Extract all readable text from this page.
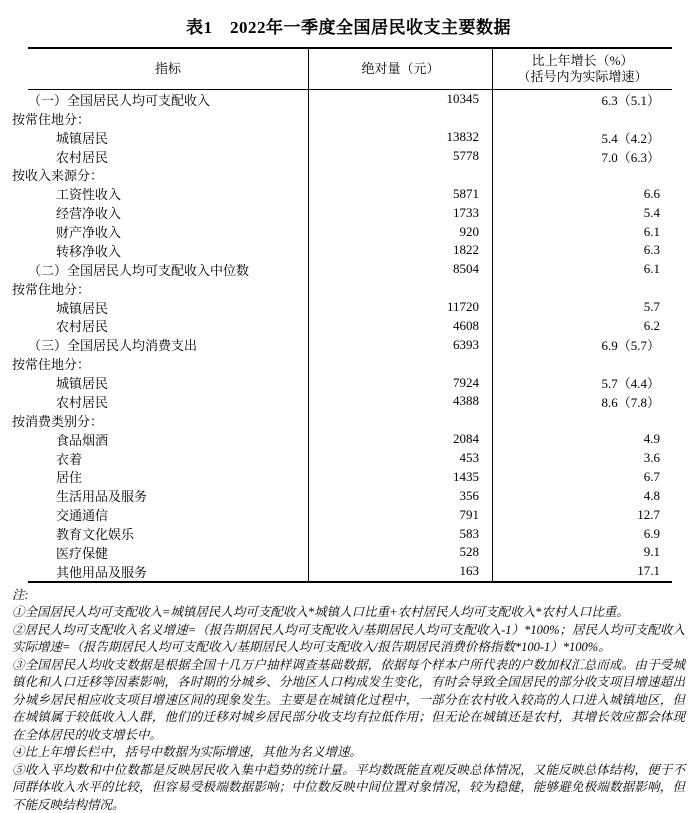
表1　2022年一季度全国居民收支主要数据
指标	绝对量（元）
比上年增长（%）
（括号内为实际增速）
（一）全国居民人均可支配收入	10345	6.3（5.1）
按常住地分：
城镇居民	13832	5.4（4.2）
农村居民	5778	7.0（6.3）
按收入来源分：
工资性收入	5871	6.6
经营净收入	1733	5.4
财产净收入	920	6.1
转移净收入	1822	6.3
（二）全国居民人均可支配收入中位数	8504	6.1
按常住地分：
城镇居民	11720	5.7
农村居民	4608	6.2
（三）全国居民人均消费支出	6393	6.9（5.7）
按常住地分：
城镇居民	7924	5.7（4.4）
农村居民	4388	8.6（7.8）
按消费类别分：
食品烟酒	2084	4.9
衣着	453	3.6
居住	1435	6.7
生活用品及服务	356	4.8
交通通信	791	12.7
教育文化娱乐	583	6.9
医疗保健	528	9.1
其他用品及服务	163	17.1
注:
①全国居民人均可支配收入=城镇居民人均可支配收入*城镇人口比重+农村居民人均可支配收入*农村人口比重。
②居民人均可支配收入名义增速=（报告期居民人均可支配收入/基期居民人均可支配收入-1）*100%；居民人均可支配收入实际增速=（报告期居民人均可支配收入/基期居民人均可支配收入/报告期居民消费价格指数*100-1）*100%。
③全国居民人均收支数据是根据全国十几万户抽样调查基础数据，依据每个样本户所代表的户数加权汇总而成。由于受城镇化和人口迁移等因素影响，各时期的分城乡、分地区人口构成发生变化，有时会导致全国居民的部分收支项目增速超出分城乡居民相应收支项目增速区间的现象发生。主要是在城镇化过程中，一部分在农村收入较高的人口进入城镇地区，但在城镇属于较低收入人群，他们的迁移对城乡居民部分收支均有拉低作用；但无论在城镇还是农村，其增长效应都会体现在全体居民的收支增长中。
④比上年增长栏中，括号中数据为实际增速，其他为名义增速。
⑤收入平均数和中位数都是反映居民收入集中趋势的统计量。平均数既能直观反映总体情况，又能反映总体结构，便于不同群体收入水平的比较，但容易受极端数据影响；中位数反映中间位置对象情况，较为稳健，能够避免极端数据影响，但不能反映结构情况。
